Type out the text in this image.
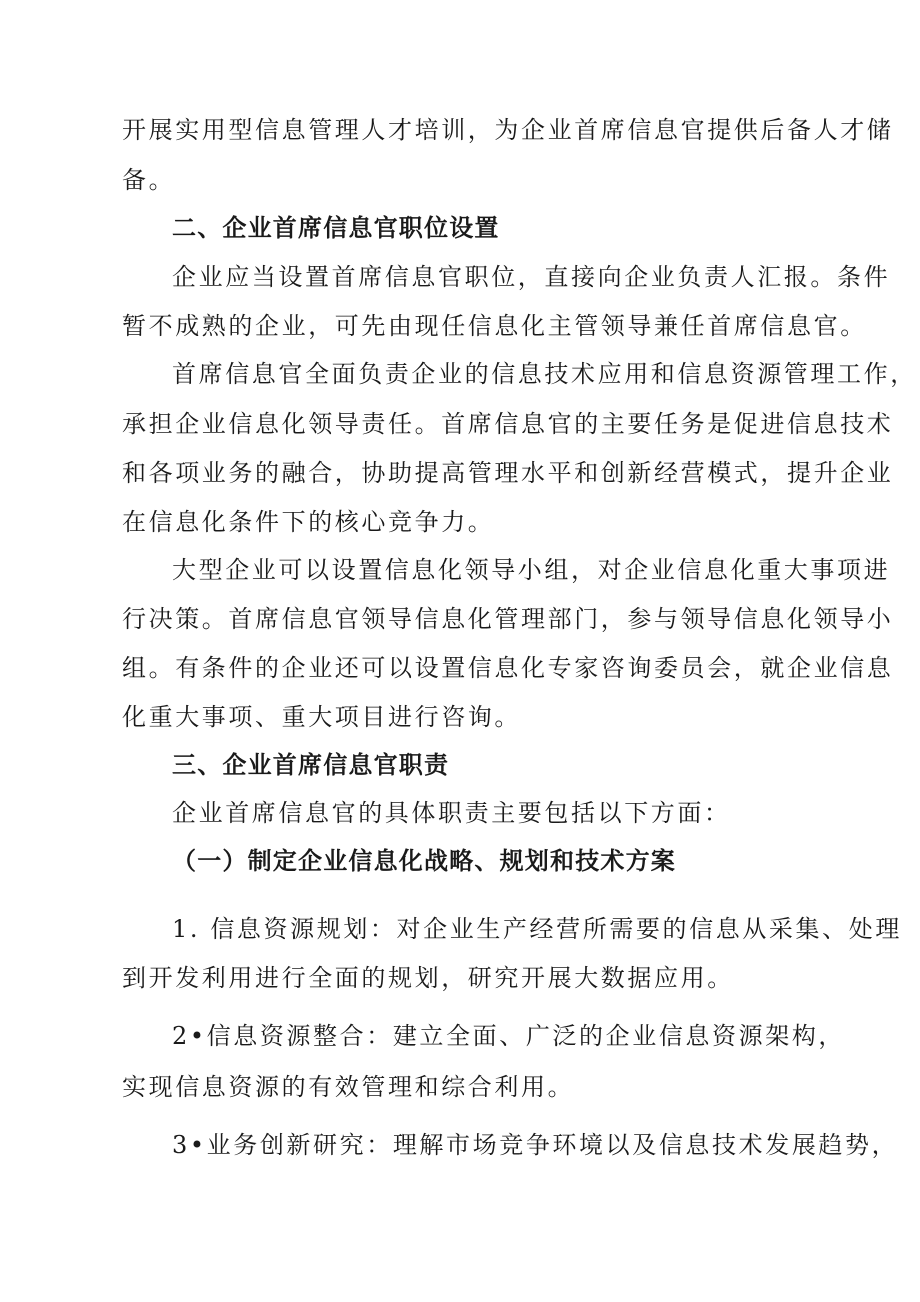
开展实用型信息管理人才培训，为企业首席信息官提供后备人才储
备。
二、企业首席信息官职位设置
企业应当设置首席信息官职位，直接向企业负责人汇报。条件
暂不成熟的企业，可先由现任信息化主管领导兼任首席信息官。
首席信息官全面负责企业的信息技术应用和信息资源管理工作，
承担企业信息化领导责任。首席信息官的主要任务是促进信息技术
和各项业务的融合，协助提高管理水平和创新经营模式，提升企业
在信息化条件下的核心竞争力。
大型企业可以设置信息化领导小组，对企业信息化重大事项进
行决策。首席信息官领导信息化管理部门，参与领导信息化领导小
组。有条件的企业还可以设置信息化专家咨询委员会，就企业信息
化重大事项、重大项目进行咨询。
三、企业首席信息官职责
企业首席信息官的具体职责主要包括以下方面：
（一）制定企业信息化战略、规划和技术方案
1. 信息资源规划：对企业生产经营所需要的信息从采集、处理
到开发利用进行全面的规划，研究开展大数据应用。
2•信息资源整合：建立全面、广泛的企业信息资源架构，
实现信息资源的有效管理和综合利用。
3•业务创新研究：理解市场竞争环境以及信息技术发展趋势，
